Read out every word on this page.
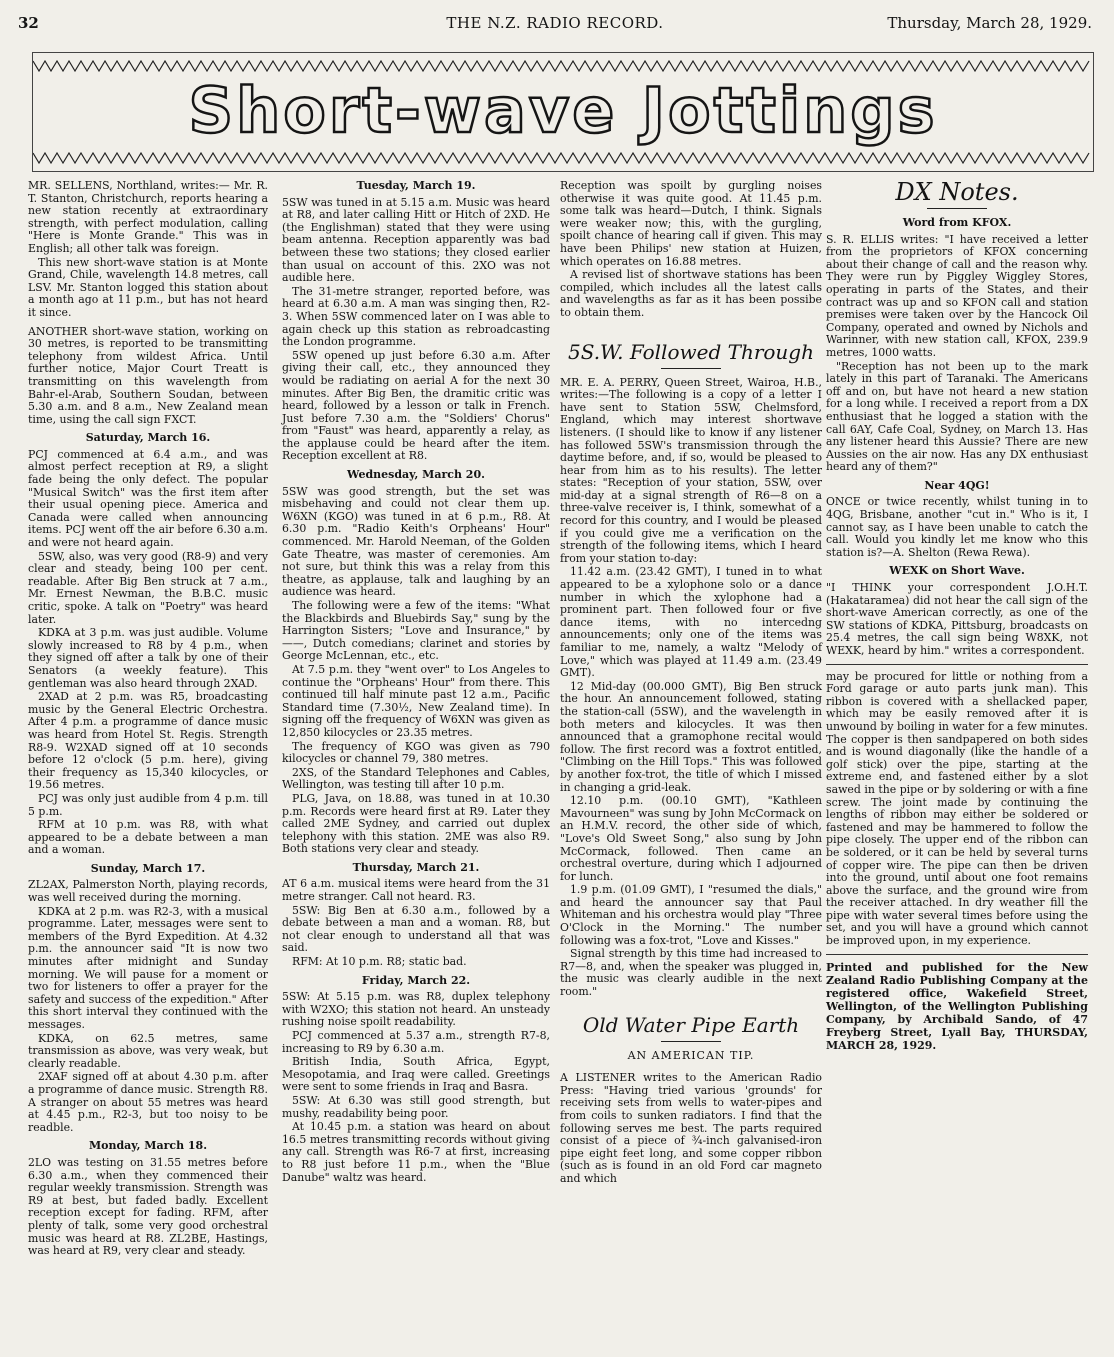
32	THE N.Z. RADIO RECORD.	Thursday, March 28, 1929.
Short-wave Jottings

MR. SELLENS, Northland, writes:— Mr. R. T. Stanton, Christchurch, reports hearing a new station recently at extraordinary strength, with perfect modulation, calling "Here is Monte Grande." This was in English; all other talk was foreign.

This new short-wave station is at Monte Grand, Chile, wavelength 14.8 metres, call LSV. Mr. Stanton logged this station about a month ago at 11 p.m., but has not heard it since.

ANOTHER short-wave station, working on 30 metres, is reported to be transmitting telephony from wildest Africa. Until further notice, Major Court Treatt is transmitting on this wavelength from Bahr-el-Arab, Southern Soudan, between 5.30 a.m. and 8 a.m., New Zealand mean time, using the call sign FXCT.

Saturday, March 16.

PCJ commenced at 6.4 a.m., and was almost perfect reception at R9, a slight fade being the only defect. The popular "Musical Switch" was the first item after their usual opening piece. America and Canada were called when announcing items. PCJ went off the air before 6.30 a.m. and were not heard again.

5SW, also, was very good (R8-9) and very clear and steady, being 100 per cent. readable. After Big Ben struck at 7 a.m., Mr. Ernest Newman, the B.B.C. music critic, spoke. A talk on "Poetry" was heard later.

KDKA at 3 p.m. was just audible. Volume slowly increased to R8 by 4 p.m., when they signed off after a talk by one of their Senators (a weekly feature). This gentleman was also heard through 2XAD.

2XAD at 2 p.m. was R5, broadcasting music by the General Electric Orchestra. After 4 p.m. a programme of dance music was heard from Hotel St. Regis. Strength R8-9. W2XAD signed off at 10 seconds before 12 o'clock (5 p.m. here), giving their frequency as 15,340 kilocycles, or 19.56 metres.

PCJ was only just audible from 4 p.m. till 5 p.m.

RFM at 10 p.m. was R8, with what appeared to be a debate between a man and a woman.

Sunday, March 17.

ZL2AX, Palmerston North, playing records, was well received during the morning.

KDKA at 2 p.m. was R2-3, with a musical programme. Later, messages were sent to members of the Byrd Expedition. At 4.32 p.m. the announcer said "It is now two minutes after midnight and Sunday morning. We will pause for a moment or two for listeners to offer a prayer for the safety and success of the expedition." After this short interval they continued with the messages.

KDKA, on 62.5 metres, same transmission as above, was very weak, but clearly readable.

2XAF signed off at about 4.30 p.m. after a programme of dance music. Strength R8. A stranger on about 55 metres was heard at 4.45 p.m., R2-3, but too noisy to be readble.

Monday, March 18.

2LO was testing on 31.55 metres before 6.30 a.m., when they commenced their regular weekly transmission. Strength was R9 at best, but faded badly. Excellent reception except for fading. RFM, after plenty of talk, some very good orchestral music was heard at R8. ZL2BE, Hastings, was heard at R9, very clear and steady.

Tuesday, March 19.

5SW was tuned in at 5.15 a.m. Music was heard at R8, and later calling Hitt or Hitch of 2XD. He (the Englishman) stated that they were using beam antenna. Reception apparently was bad between these two stations; they closed earlier than usual on account of this. 2XO was not audible here.

The 31-metre stranger, reported before, was heard at 6.30 a.m. A man was singing then, R2-3. When 5SW commenced later on I was able to again check up this station as rebroadcasting the London programme.

5SW opened up just before 6.30 a.m. After giving their call, etc., they announced they would be radiating on aerial A for the next 30 minutes. After Big Ben, the dramitic critic was heard, followed by a lesson or talk in French. Just before 7.30 a.m. the "Soldiers' Chorus" from "Faust" was heard, apparently a relay, as the applause could be heard after the item. Reception excellent at R8.

Wednesday, March 20.

5SW was good strength, but the set was misbehaving and could not clear them up. W6XN (KGO) was tuned in at 6 p.m., R8. At 6.30 p.m. "Radio Keith's Orpheans' Hour" commenced. Mr. Harold Neeman, of the Golden Gate Theatre, was master of ceremonies. Am not sure, but think this was a relay from this theatre, as applause, talk and laughing by an audience was heard.

The following were a few of the items: "What the Blackbirds and Bluebirds Say," sung by the Harrington Sisters; "Love and Insurance," by ——, Dutch comedians; clarinet and stories by George McLennan, etc., etc.

At 7.5 p.m. they "went over" to Los Angeles to continue the "Orpheans' Hour" from there. This continued till half minute past 12 a.m., Pacific Standard time (7.30½, New Zealand time). In signing off the frequency of W6XN was given as 12,850 kilocycles or 23.35 metres.

The frequency of KGO was given as 790 kilocycles or channel 79, 380 metres.

2XS, of the Standard Telephones and Cables, Wellington, was testing till after 10 p.m.

PLG, Java, on 18.88, was tuned in at 10.30 p.m. Records were heard first at R9. Later they called 2ME Sydney, and carried out duplex telephony with this station. 2ME was also R9. Both stations very clear and steady.

Thursday, March 21.

AT 6 a.m. musical items were heard from the 31 metre stranger. Call not heard. R3.

5SW: Big Ben at 6.30 a.m., followed by a debate between a man and a woman. R8, but not clear enough to understand all that was said.

RFM: At 10 p.m. R8; static bad.

Friday, March 22.

5SW: At 5.15 p.m. was R8, duplex telephony with W2XO; this station not heard. An unsteady rushing noise spoilt readability.

PCJ commenced at 5.37 a.m., strength R7-8, increasing to R9 by 6.30 a.m.

British India, South Africa, Egypt, Mesopotamia, and Iraq were called. Greetings were sent to some friends in Iraq and Basra.

5SW: At 6.30 was still good strength, but mushy, readability being poor.

At 10.45 p.m. a station was heard on about 16.5 metres transmitting records without giving any call. Strength was R6-7 at first, increasing to R8 just before 11 p.m., when the "Blue Danube" waltz was heard.

Reception was spoilt by gurgling noises otherwise it was quite good. At 11.45 p.m. some talk was heard—Dutch, I think. Signals were weaker now; this, with the gurgling, spoilt chance of hearing call if given. This may have been Philips' new station at Huizen, which operates on 16.88 metres.

A revised list of shortwave stations has been compiled, which includes all the latest calls and wavelengths as far as it has been possibe to obtain them.

5S.W. Followed Through

MR. E. A. PERRY, Queen Street, Wairoa, H.B., writes:—The following is a copy of a letter I have sent to Station 5SW, Chelmsford, England, which may interest shortwave listeners. (I should like to know if any listener has followed 5SW's transmission through the daytime before, and, if so, would be pleased to hear from him as to his results). The letter states: "Reception of your station, 5SW, over mid-day at a signal strength of R6—8 on a three-valve receiver is, I think, somewhat of a record for this country, and I would be pleased if you could give me a verification on the strength of the following items, which I heard from your station to-day:

11.42 a.m. (23.42 GMT), I tuned in to what appeared to be a xylophone solo or a dance number in which the xylophone had a prominent part. Then followed four or five dance items, with no intercedng announcements; only one of the items was familiar to me, namely, a waltz "Melody of Love," which was played at 11.49 a.m. (23.49 GMT).

12 Mid-day (00.000 GMT), Big Ben struck the hour. An announcement followed, stating the station-call (5SW), and the wavelength in both meters and kilocycles. It was then announced that a gramophone recital would follow. The first record was a foxtrot entitled, "Climbing on the Hill Tops." This was followed by another fox-trot, the title of which I missed in changing a grid-leak.

12.10 p.m. (00.10 GMT), "Kathleen Mavourneen" was sung by John McCormack on an H.M.V. record, the other side of which, "Love's Old Sweet Song," also sung by John McCormack, followed. Then came an orchestral overture, during which I adjourned for lunch.

1.9 p.m. (01.09 GMT), I "resumed the dials," and heard the announcer say that Paul Whiteman and his orchestra would play "Three O'Clock in the Morning." The number following was a fox-trot, "Love and Kisses."

Signal strength by this time had increased to R7—8, and, when the speaker was plugged in, the music was clearly audible in the next room."

Old Water Pipe Earth
AN AMERICAN TIP.

A LISTENER writes to the American Radio Press: "Having tried various 'grounds' for receiving sets from wells to water-pipes and from coils to sunken radiators. I find that the following serves me best. The parts required consist of a piece of ¾-inch galvanised-iron pipe eight feet long, and some copper ribbon (such as is found in an old Ford car magneto and which

DX Notes.
Word from KFOX.

S. R. ELLIS writes: "I have received a letter from the proprietors of KFOX concerning about their change of call and the reason why. They were run by Piggley Wiggley Stores, operating in parts of the States, and their contract was up and so KFON call and station premises were taken over by the Hancock Oil Company, operated and owned by Nichols and Warinner, with new station call, KFOX, 239.9 metres, 1000 watts.

"Reception has not been up to the mark lately in this part of Taranaki. The Americans off and on, but have not heard a new station for a long while. I received a report from a DX enthusiast that he logged a station with the call 6AY, Cafe Coal, Sydney, on March 13. Has any listener heard this Aussie? There are new Aussies on the air now. Has any DX enthusiast heard any of them?"

Near 4QG!

ONCE or twice recently, whilst tuning in to 4QG, Brisbane, another "cut in." Who is it, I cannot say, as I have been unable to catch the call. Would you kindly let me know who this station is?—A. Shelton (Rewa Rewa).

WEXK on Short Wave.

"I THINK your correspondent J.O.H.T. (Hakataramea) did not hear the call sign of the short-wave American correctly, as one of the SW stations of KDKA, Pittsburg, broadcasts on 25.4 metres, the call sign being W8XK, not WEXK, heard by him." writes a correspondent.

may be procured for little or nothing from a Ford garage or auto parts junk man). This ribbon is covered with a shellacked paper, which may be easily removed after it is unwound by boiling in water for a few minutes. The copper is then sandpapered on both sides and is wound diagonally (like the handle of a golf stick) over the pipe, starting at the extreme end, and fastened either by a slot sawed in the pipe or by soldering or with a fine screw. The joint made by continuing the lengths of ribbon may either be soldered or fastened and may be hammered to follow the pipe closely. The upper end of the ribbon can be soldered, or it can be held by several turns of copper wire. The pipe can then be driven into the ground, until about one foot remains above the surface, and the ground wire from the receiver attached. In dry weather fill the pipe with water several times before using the set, and you will have a ground which cannot be improved upon, in my experience.

Printed and published for the New Zealand Radio Publishing Company at the registered office, Wakefield Street, Wellington, of the Wellington Publishing Company, by Archibald Sando, of 47 Freyberg Street, Lyall Bay, THURSDAY, MARCH 28, 1929.
